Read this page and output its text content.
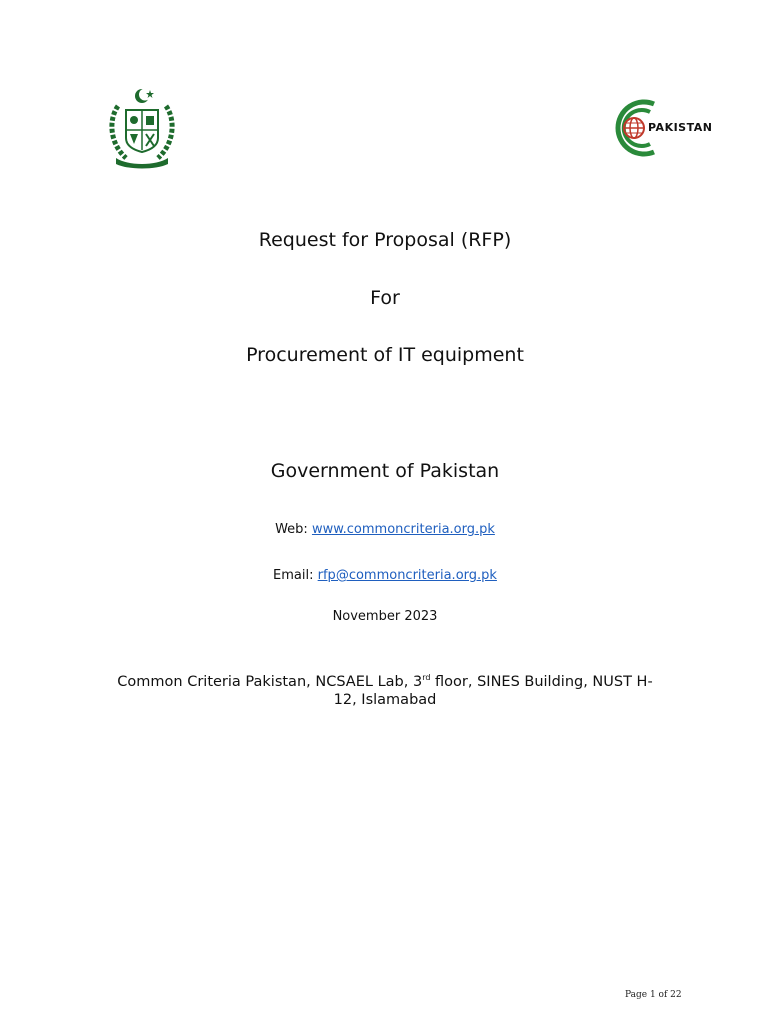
PAKISTAN
Request for Proposal (RFP)
For
Procurement of IT equipment
Government of Pakistan
Web: www.commoncriteria.org.pk
Email: rfp@commoncriteria.org.pk
November 2023
Common Criteria Pakistan, NCSAEL Lab, 3rd floor, SINES Building, NUST H-
12, Islamabad
Page 1 of 22
